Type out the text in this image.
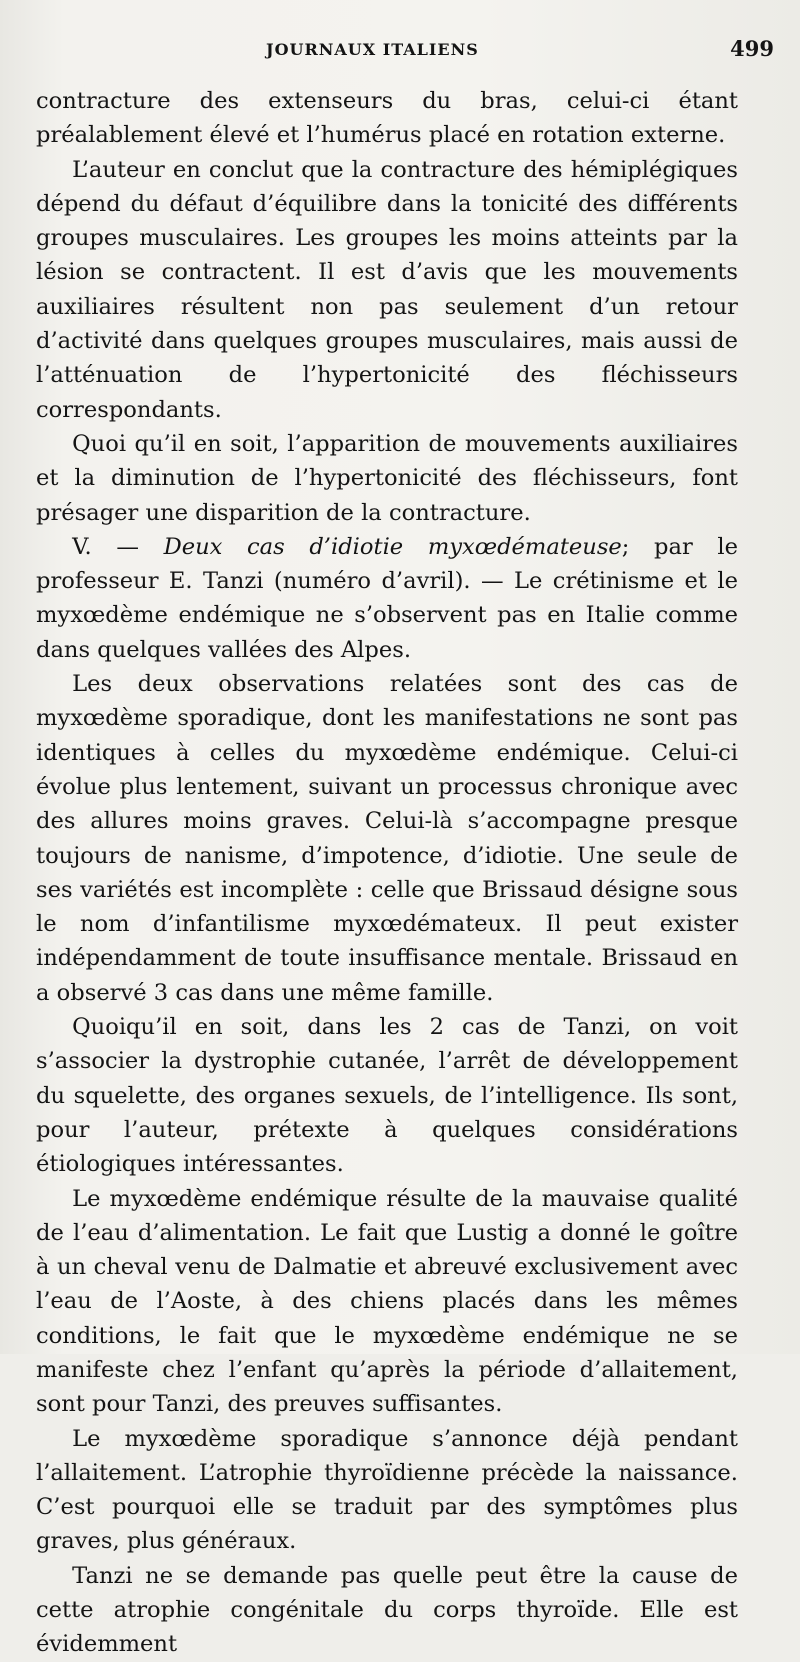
JOURNAUX ITALIENS	499

contracture des extenseurs du bras, celui-ci étant préalablement élevé et l’humérus placé en rotation externe.

L’auteur en conclut que la contracture des hémiplégiques dépend du défaut d’équilibre dans la tonicité des différents groupes musculaires. Les groupes les moins atteints par la lésion se contractent. Il est d’avis que les mouvements auxiliaires résultent non pas seulement d’un retour d’activité dans quelques groupes musculaires, mais aussi de l’atténuation de l’hypertonicité des fléchisseurs correspondants.

Quoi qu’il en soit, l’apparition de mouvements auxiliaires et la diminution de l’hypertonicité des fléchisseurs, font présager une disparition de la contracture.

V. — Deux cas d’idiotie myxœdémateuse; par le professeur E. Tanzi (numéro d’avril). — Le crétinisme et le myxœdème endémique ne s’observent pas en Italie comme dans quelques vallées des Alpes.

Les deux observations relatées sont des cas de myxœdème sporadique, dont les manifestations ne sont pas identiques à celles du myxœdème endémique. Celui-ci évolue plus lentement, suivant un processus chronique avec des allures moins graves. Celui-là s’accompagne presque toujours de nanisme, d’impotence, d’idiotie. Une seule de ses variétés est incomplète : celle que Brissaud désigne sous le nom d’infantilisme myxœdémateux. Il peut exister indépendamment de toute insuffisance mentale. Brissaud en a observé 3 cas dans une même famille.

Quoiqu’il en soit, dans les 2 cas de Tanzi, on voit s’associer la dystrophie cutanée, l’arrêt de développement du squelette, des organes sexuels, de l’intelligence. Ils sont, pour l’auteur, prétexte à quelques considérations étiologiques intéressantes.

Le myxœdème endémique résulte de la mauvaise qualité de l’eau d’alimentation. Le fait que Lustig a donné le goître à un cheval venu de Dalmatie et abreuvé exclusivement avec l’eau de l’Aoste, à des chiens placés dans les mêmes conditions, le fait que le myxœdème endémique ne se manifeste chez l’enfant qu’après la période d’allaitement, sont pour Tanzi, des preuves suffisantes.

Le myxœdème sporadique s’annonce déjà pendant l’allaitement. L’atrophie thyroïdienne précède la naissance. C’est pourquoi elle se traduit par des symptômes plus graves, plus généraux.

Tanzi ne se demande pas quelle peut être la cause de cette atrophie congénitale du corps thyroïde. Elle est évidemment
